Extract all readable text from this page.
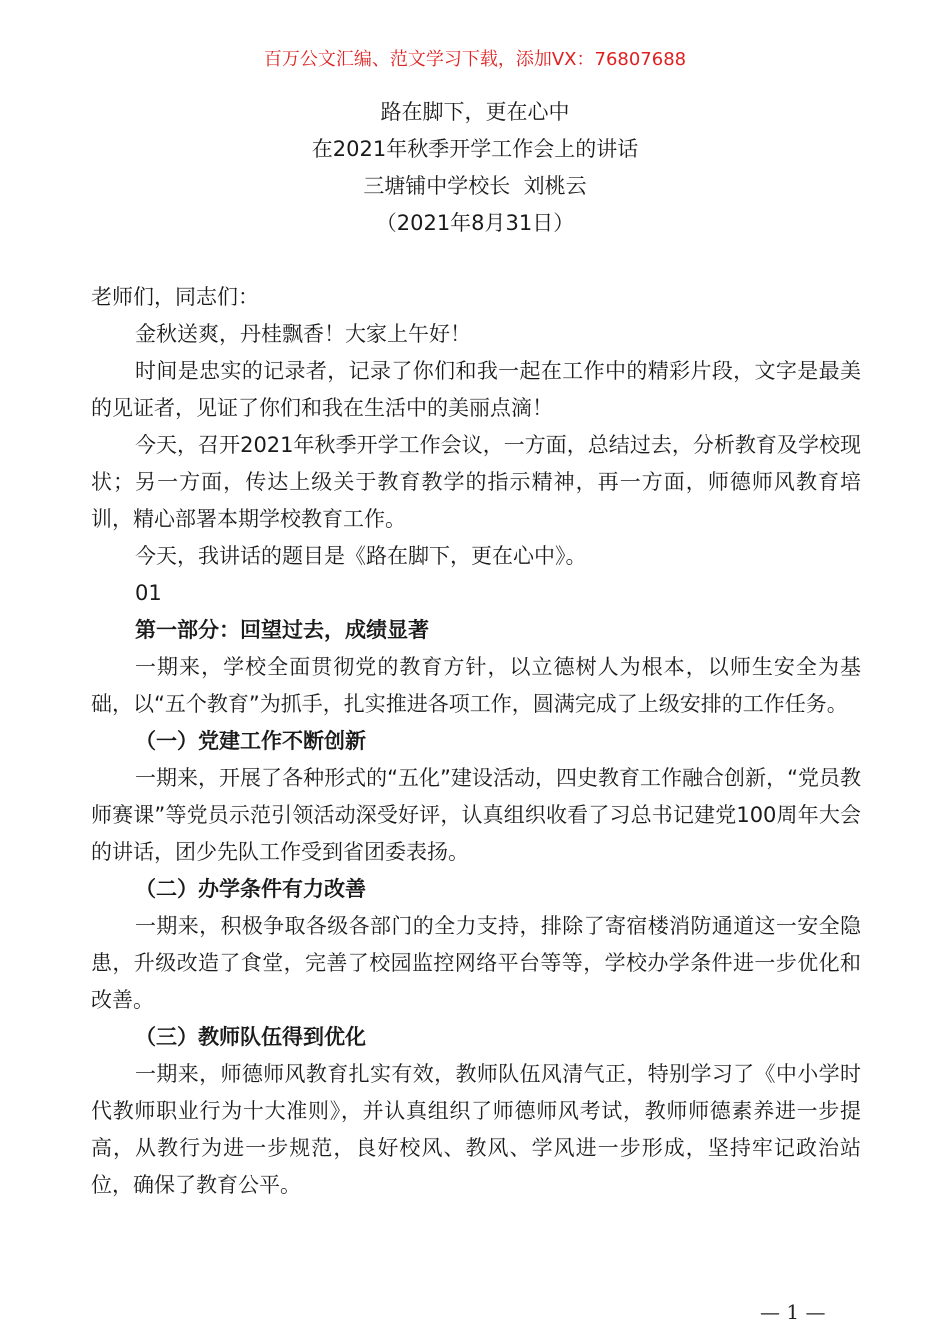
百万公文汇编、范文学习下载，添加VX：76807688
路在脚下，更在心中
在2021年秋季开学工作会上的讲话
三塘铺中学校长  刘桃云
（2021年8月31日）

老师们，同志们：

金秋送爽，丹桂飘香！大家上午好！

时间是忠实的记录者，记录了你们和我一起在工作中的精彩片段，文字是最美的见证者，见证了你们和我在生活中的美丽点滴！

今天，召开2021年秋季开学工作会议，一方面，总结过去，分析教育及学校现状；另一方面，传达上级关于教育教学的指示精神，再一方面，师德师风教育培训，精心部署本期学校教育工作。

今天，我讲话的题目是《路在脚下，更在心中》。

01

第一部分：回望过去，成绩显著

一期来，学校全面贯彻党的教育方针，以立德树人为根本，以师生安全为基础，以“五个教育”为抓手，扎实推进各项工作，圆满完成了上级安排的工作任务。

（一）党建工作不断创新

一期来，开展了各种形式的“五化”建设活动，四史教育工作融合创新，“党员教师赛课”等党员示范引领活动深受好评，认真组织收看了习总书记建党100周年大会的讲话，团少先队工作受到省团委表扬。

（二）办学条件有力改善

一期来，积极争取各级各部门的全力支持，排除了寄宿楼消防通道这一安全隐患，升级改造了食堂，完善了校园监控网络平台等等，学校办学条件进一步优化和改善。

（三）教师队伍得到优化

一期来，师德师风教育扎实有效，教师队伍风清气正，特别学习了《中小学时代教师职业行为十大准则》，并认真组织了师德师风考试，教师师德素养进一步提高，从教行为进一步规范，良好校风、教风、学风进一步形成，坚持牢记政治站位，确保了教育公平。

— 1 —
